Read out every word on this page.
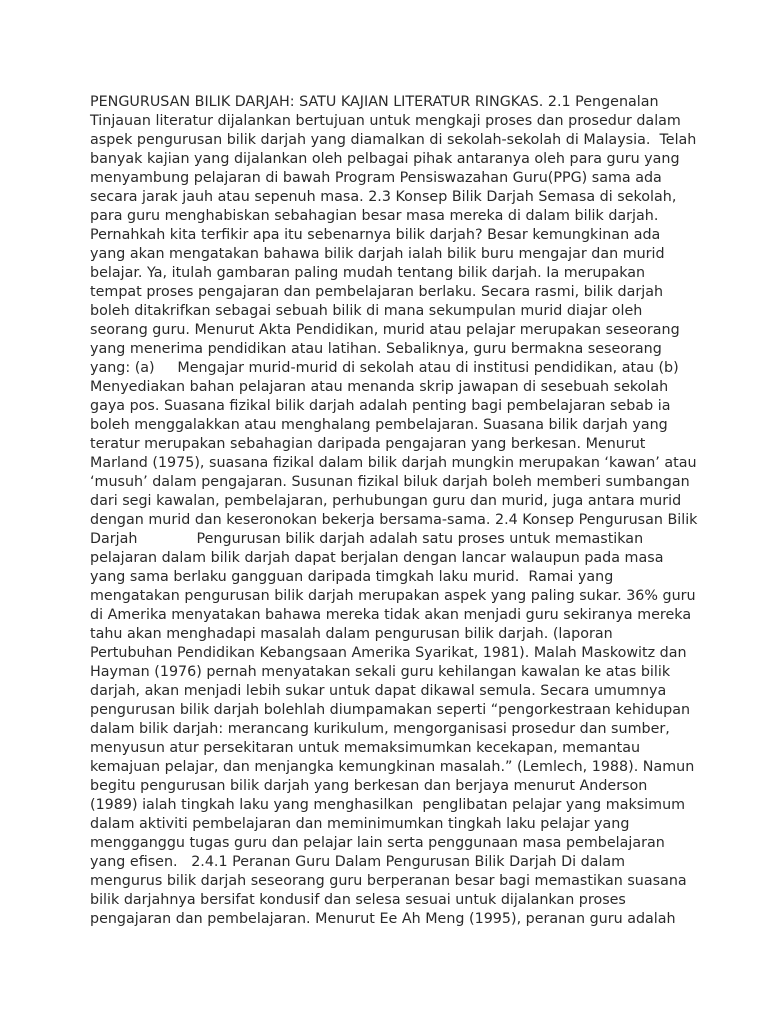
PENGURUSAN BILIK DARJAH: SATU KAJIAN LITERATUR RINGKAS. 2.1 Pengenalan
Tinjauan literatur dijalankan bertujuan untuk mengkaji proses dan prosedur dalam
aspek pengurusan bilik darjah yang diamalkan di sekolah-sekolah di Malaysia.  Telah
banyak kajian yang dijalankan oleh pelbagai pihak antaranya oleh para guru yang
menyambung pelajaran di bawah Program Pensiswazahan Guru(PPG) sama ada
secara jarak jauh atau sepenuh masa. 2.3 Konsep Bilik Darjah Semasa di sekolah,
para guru menghabiskan sebahagian besar masa mereka di dalam bilik darjah.
Pernahkah kita terfikir apa itu sebenarnya bilik darjah? Besar kemungkinan ada
yang akan mengatakan bahawa bilik darjah ialah bilik buru mengajar dan murid
belajar. Ya, itulah gambaran paling mudah tentang bilik darjah. Ia merupakan
tempat proses pengajaran dan pembelajaran berlaku. Secara rasmi, bilik darjah
boleh ditakrifkan sebagai sebuah bilik di mana sekumpulan murid diajar oleh
seorang guru. Menurut Akta Pendidikan, murid atau pelajar merupakan seseorang
yang menerima pendidikan atau latihan. Sebaliknya, guru bermakna seseorang
yang: (a)     Mengajar murid-murid di sekolah atau di institusi pendidikan, atau (b)
Menyediakan bahan pelajaran atau menanda skrip jawapan di sesebuah sekolah
gaya pos. Suasana fizikal bilik darjah adalah penting bagi pembelajaran sebab ia
boleh menggalakkan atau menghalang pembelajaran. Suasana bilik darjah yang
teratur merupakan sebahagian daripada pengajaran yang berkesan. Menurut
Marland (1975), suasana fizikal dalam bilik darjah mungkin merupakan ‘kawan’ atau
‘musuh’ dalam pengajaran. Susunan fizikal biluk darjah boleh memberi sumbangan
dari segi kawalan, pembelajaran, perhubungan guru dan murid, juga antara murid
dengan murid dan keseronokan bekerja bersama-sama. 2.4 Konsep Pengurusan Bilik
Darjah             Pengurusan bilik darjah adalah satu proses untuk memastikan
pelajaran dalam bilik darjah dapat berjalan dengan lancar walaupun pada masa
yang sama berlaku gangguan daripada timgkah laku murid.  Ramai yang
mengatakan pengurusan bilik darjah merupakan aspek yang paling sukar. 36% guru
di Amerika menyatakan bahawa mereka tidak akan menjadi guru sekiranya mereka
tahu akan menghadapi masalah dalam pengurusan bilik darjah. (laporan
Pertubuhan Pendidikan Kebangsaan Amerika Syarikat, 1981). Malah Maskowitz dan
Hayman (1976) pernah menyatakan sekali guru kehilangan kawalan ke atas bilik
darjah, akan menjadi lebih sukar untuk dapat dikawal semula. Secara umumnya
pengurusan bilik darjah bolehlah diumpamakan seperti “pengorkestraan kehidupan
dalam bilik darjah: merancang kurikulum, mengorganisasi prosedur dan sumber,
menyusun atur persekitaran untuk memaksimumkan kecekapan, memantau
kemajuan pelajar, dan menjangka kemungkinan masalah.” (Lemlech, 1988). Namun
begitu pengurusan bilik darjah yang berkesan dan berjaya menurut Anderson
(1989) ialah tingkah laku yang menghasilkan  penglibatan pelajar yang maksimum
dalam aktiviti pembelajaran dan meminimumkan tingkah laku pelajar yang
mengganggu tugas guru dan pelajar lain serta penggunaan masa pembelajaran
yang efisen.   2.4.1 Peranan Guru Dalam Pengurusan Bilik Darjah Di dalam
mengurus bilik darjah seseorang guru berperanan besar bagi memastikan suasana
bilik darjahnya bersifat kondusif dan selesa sesuai untuk dijalankan proses
pengajaran dan pembelajaran. Menurut Ee Ah Meng (1995), peranan guru adalah
